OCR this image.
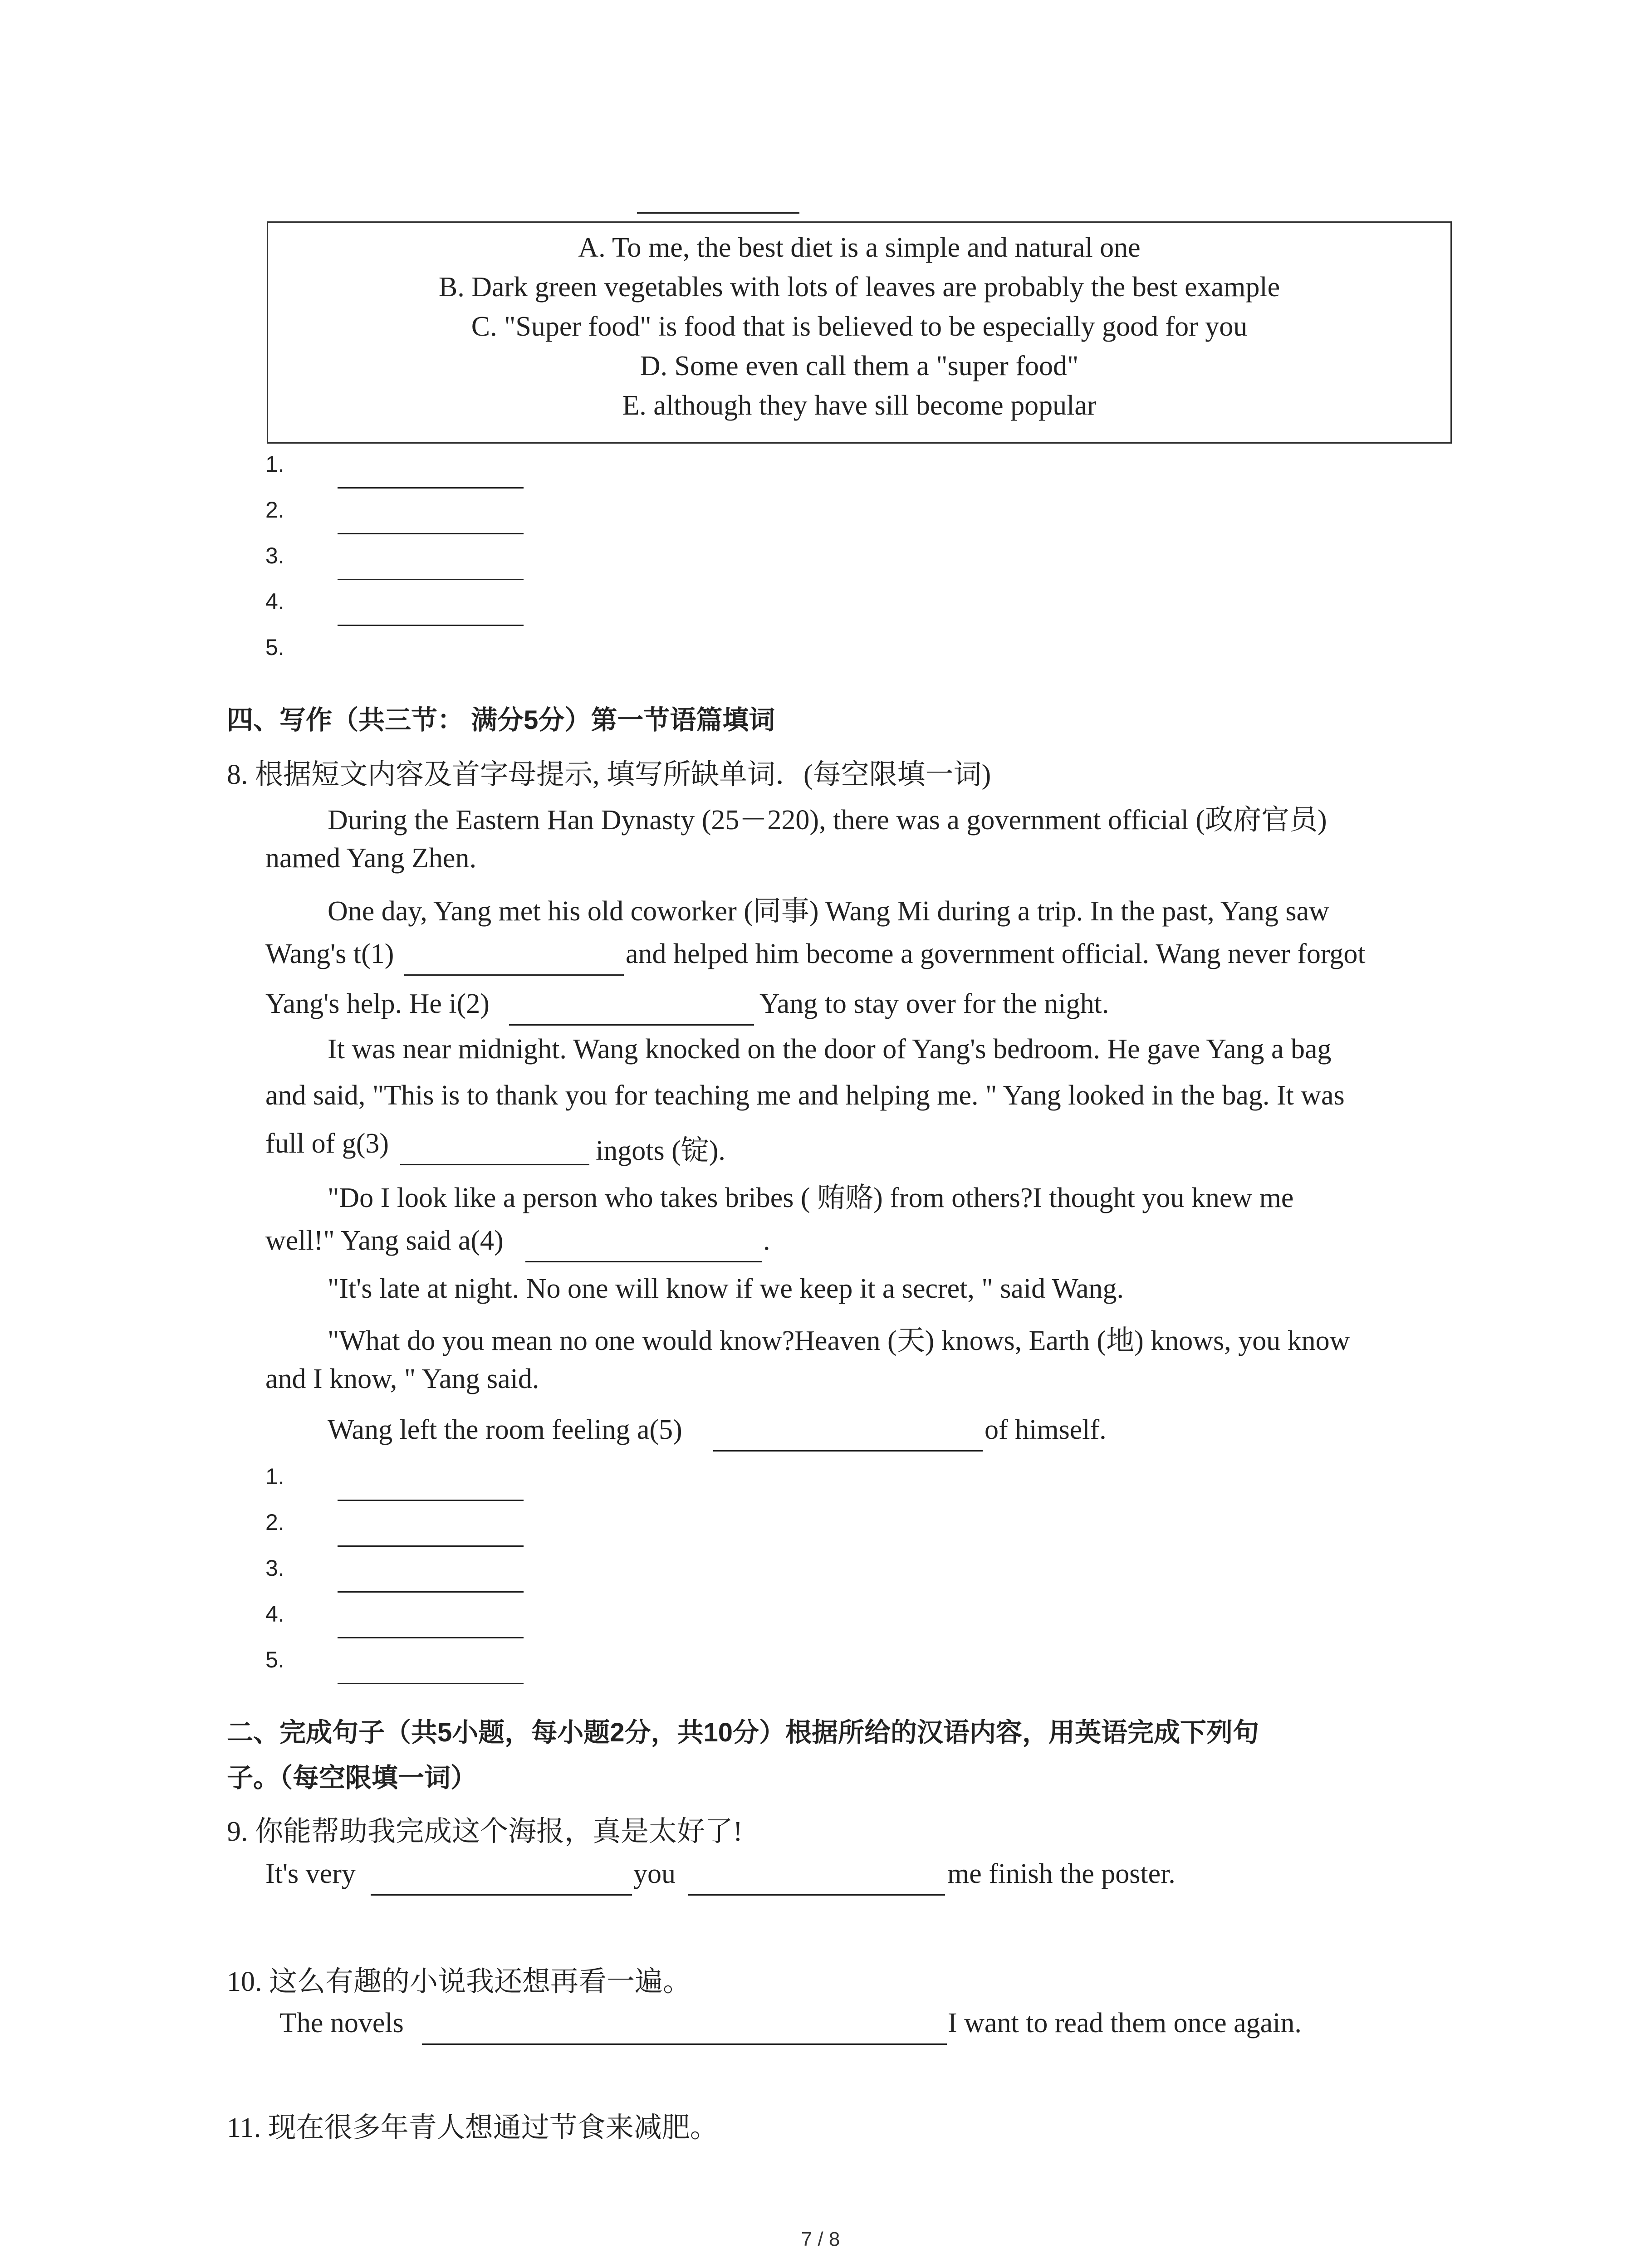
A. To me, the best diet is a simple and natural one
B. Dark green vegetables with lots of leaves are probably the best example
C. "Super food" is food that is believed to be especially good for you
D. Some even call them a "super food"
E. although they have sill become popular
1.
2.
3.
4.
5.
四、写作（共三节： 满分5分）第一节语篇填词
8. 根据短文内容及首字母提示, 填写所缺单词．(每空限填一词)
During the Eastern Han Dynasty (25－220), there was a government official (政府官员)
named Yang Zhen.
One day, Yang met his old coworker (同事) Wang Mi during a trip. In the past, Yang saw
Wang's t(1)	and helped him become a government official. Wang never forgot
Yang's help. He i(2)	Yang to stay over for the night.
It was near midnight. Wang knocked on the door of Yang's bedroom. He gave Yang a bag
and said, "This is to thank you for teaching me and helping me. " Yang looked in the bag. It was
full of g(3)	ingots (锭).
"Do I look like a person who takes bribes ( 贿赂) from others?I thought you knew me
well!" Yang said a(4)	.
"It's late at night. No one will know if we keep it a secret, " said Wang.
"What do you mean no one would know?Heaven (天) knows, Earth (地) knows, you know
and I know, " Yang said.
Wang left the room feeling a(5)	of himself.
1.
2.
3.
4.
5.
二、完成句子（共5小题，每小题2分，共10分）根据所给的汉语内容，用英语完成下列句
子。（每空限填一词）
9. 你能帮助我完成这个海报，真是太好了!
It's very	you	me finish the poster.
10. 这么有趣的小说我还想再看一遍。
The novels	I want to read them once again.
11. 现在很多年青人想通过节食来减肥。
7 / 8
